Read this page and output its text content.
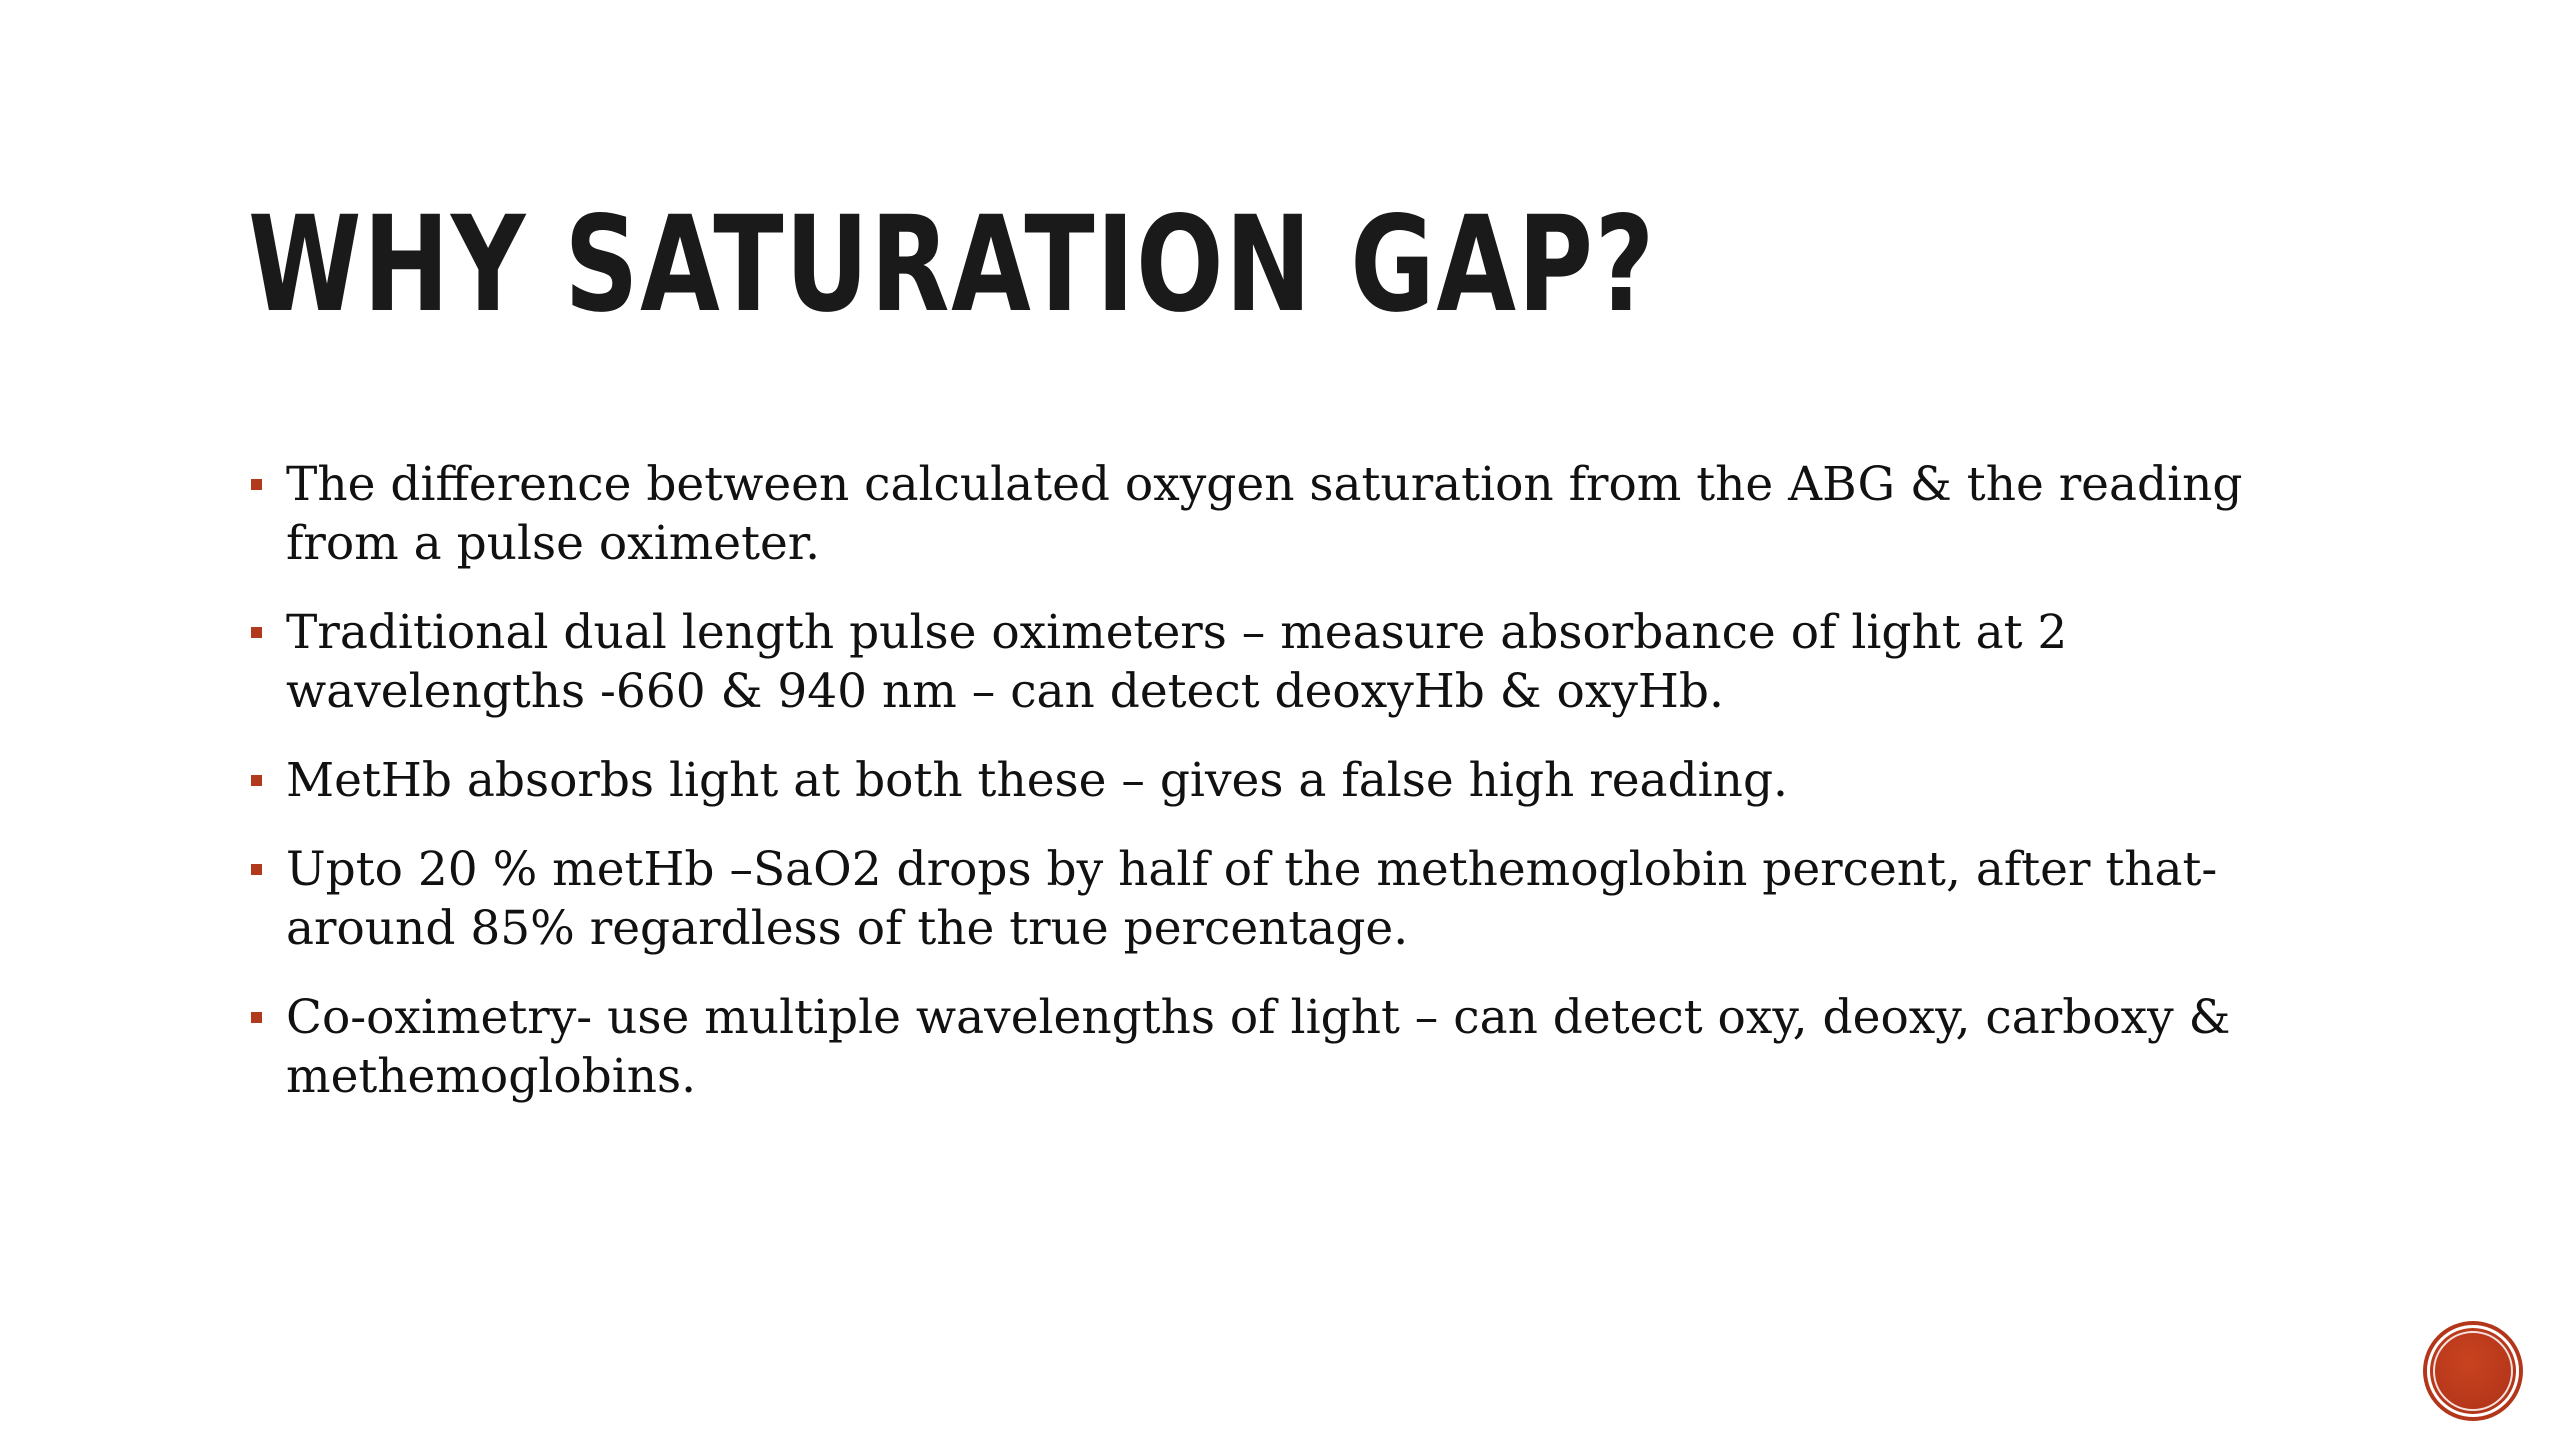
WHY SATURATION GAP?
The difference between calculated oxygen saturation from the ABG & the reading from a pulse oximeter.
Traditional dual length pulse oximeters – measure absorbance of light at 2 wavelengths -660 & 940 nm – can detect deoxyHb & oxyHb.
MetHb absorbs light at both these – gives a false high reading.
Upto 20 % metHb –SaO2 drops by half of the methemoglobin percent, after that- around 85% regardless of the true percentage.
Co-oximetry- use multiple wavelengths of light – can detect oxy, deoxy, carboxy & methemoglobins.
